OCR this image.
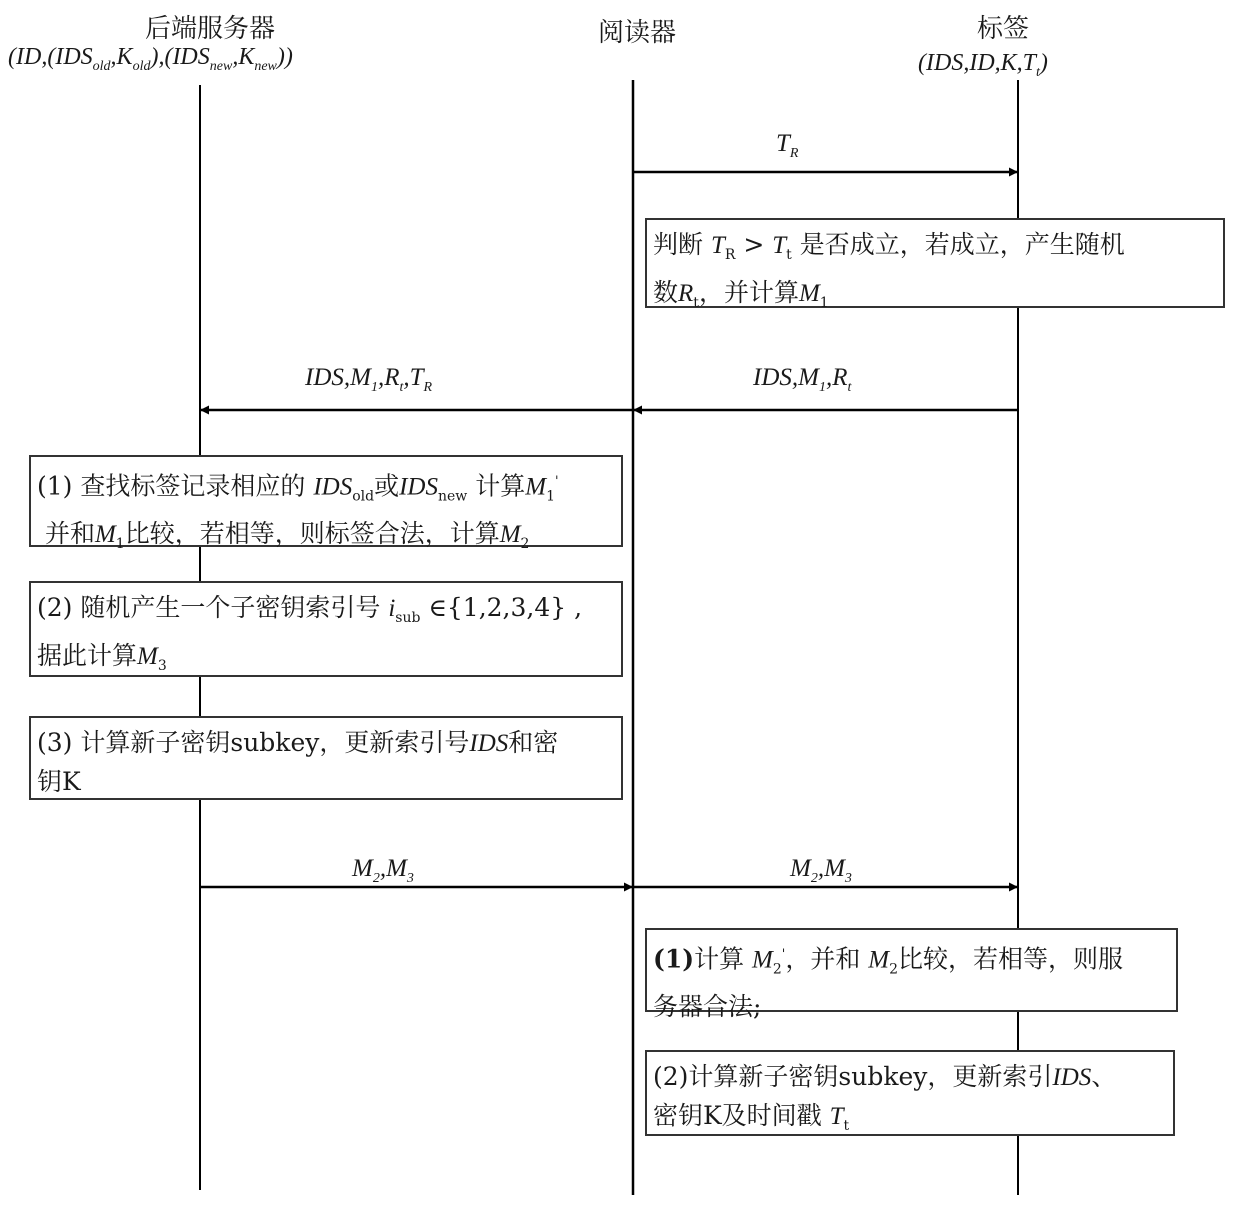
后端服务器
$(ID,(IDS_{old},K_{old}),(IDS_{new},K_{new}))$
阅读器	标签
$(IDS,ID,K,T_t)$
$T_R$
$IDS,M_1,R_t$
$IDS,M_1,R_t,T_R$
$M_2,M_3$	$M_2,M_3$
判断 $T_R > T_t$ 是否成立，若成立，产生随机
数$R_t$，并计算$M_1$
(1) 查找标签记录相应的 $IDS_{old}$或$IDS_{new}$ 计算$M_1'$
并和$M_1$比较，若相等，则标签合法，计算$M_2$
(2) 随机产生一个子密钥索引号 $i_{sub}$ ∈{1,2,3,4} ,
据此计算$M_3$
(3) 计算新子密钥subkey，更新索引号IDS和密
钥K
(1)计算 $M_2'$，并和 $M_2$比较，若相等，则服
务器合法;
(2)计算新子密钥subkey，更新索引IDS、
密钥K及时间戳 $T_t$
